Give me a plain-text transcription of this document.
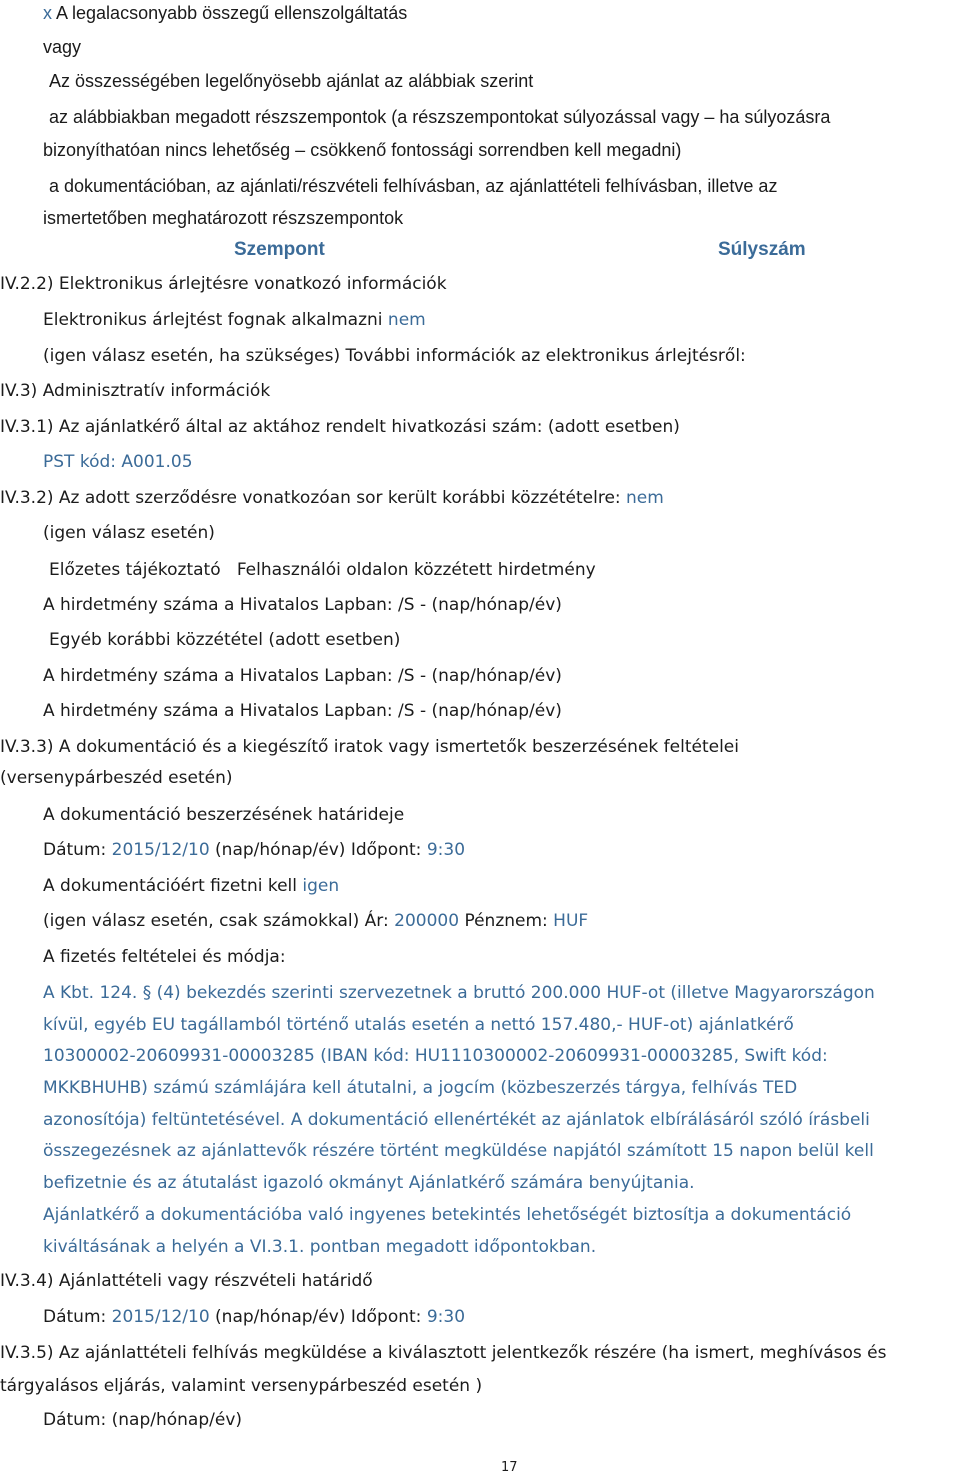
x A legalacsonyabb összegű ellenszolgáltatás
vagy
Az összességében legelőnyösebb ajánlat az alábbiak szerint
az alábbiakban megadott részszempontok (a részszempontokat súlyozással vagy – ha súlyozásra
bizonyíthatóan nincs lehetőség – csökkenő fontossági sorrendben kell megadni)
a dokumentációban, az ajánlati/részvételi felhívásban, az ajánlattételi felhívásban, illetve az
ismertetőben meghatározott részszempontok
Szempont	Súlyszám
IV.2.2) Elektronikus árlejtésre vonatkozó információk
Elektronikus árlejtést fognak alkalmazni nem
(igen válasz esetén, ha szükséges) További információk az elektronikus árlejtésről:
IV.3) Adminisztratív információk
IV.3.1) Az ajánlatkérő által az aktához rendelt hivatkozási szám: (adott esetben)
PST kód: A001.05
IV.3.2) Az adott szerződésre vonatkozóan sor került korábbi közzétételre: nem
(igen válasz esetén)
Előzetes tájékoztató   Felhasználói oldalon közzétett hirdetmény
A hirdetmény száma a Hivatalos Lapban: /S - (nap/hónap/év)
Egyéb korábbi közzététel (adott esetben)
A hirdetmény száma a Hivatalos Lapban: /S - (nap/hónap/év)
A hirdetmény száma a Hivatalos Lapban: /S - (nap/hónap/év)
IV.3.3) A dokumentáció és a kiegészítő iratok vagy ismertetők beszerzésének feltételei
(versenypárbeszéd esetén)
A dokumentáció beszerzésének határideje
Dátum: 2015/12/10 (nap/hónap/év) Időpont: 9:30
A dokumentációért fizetni kell igen
(igen válasz esetén, csak számokkal) Ár: 200000 Pénznem: HUF
A fizetés feltételei és módja:
A Kbt. 124. § (4) bekezdés szerinti szervezetnek a bruttó 200.000 HUF-ot (illetve Magyarországon
kívül, egyéb EU tagállamból történő utalás esetén a nettó 157.480,- HUF-ot) ajánlatkérő
10300002-20609931-00003285 (IBAN kód: HU1110300002-20609931-00003285, Swift kód:
MKKBHUHB) számú számlájára kell átutalni, a jogcím (közbeszerzés tárgya, felhívás TED
azonosítója) feltüntetésével. A dokumentáció ellenértékét az ajánlatok elbírálásáról szóló írásbeli
összegezésnek az ajánlattevők részére történt megküldése napjától számított 15 napon belül kell
befizetnie és az átutalást igazoló okmányt Ajánlatkérő számára benyújtania.
Ajánlatkérő a dokumentációba való ingyenes betekintés lehetőségét biztosítja a dokumentáció
kiváltásának a helyén a VI.3.1. pontban megadott időpontokban.
IV.3.4) Ajánlattételi vagy részvételi határidő
Dátum: 2015/12/10 (nap/hónap/év) Időpont: 9:30
IV.3.5) Az ajánlattételi felhívás megküldése a kiválasztott jelentkezők részére (ha ismert, meghívásos és
tárgyalásos eljárás, valamint versenypárbeszéd esetén )
Dátum: (nap/hónap/év)
17
